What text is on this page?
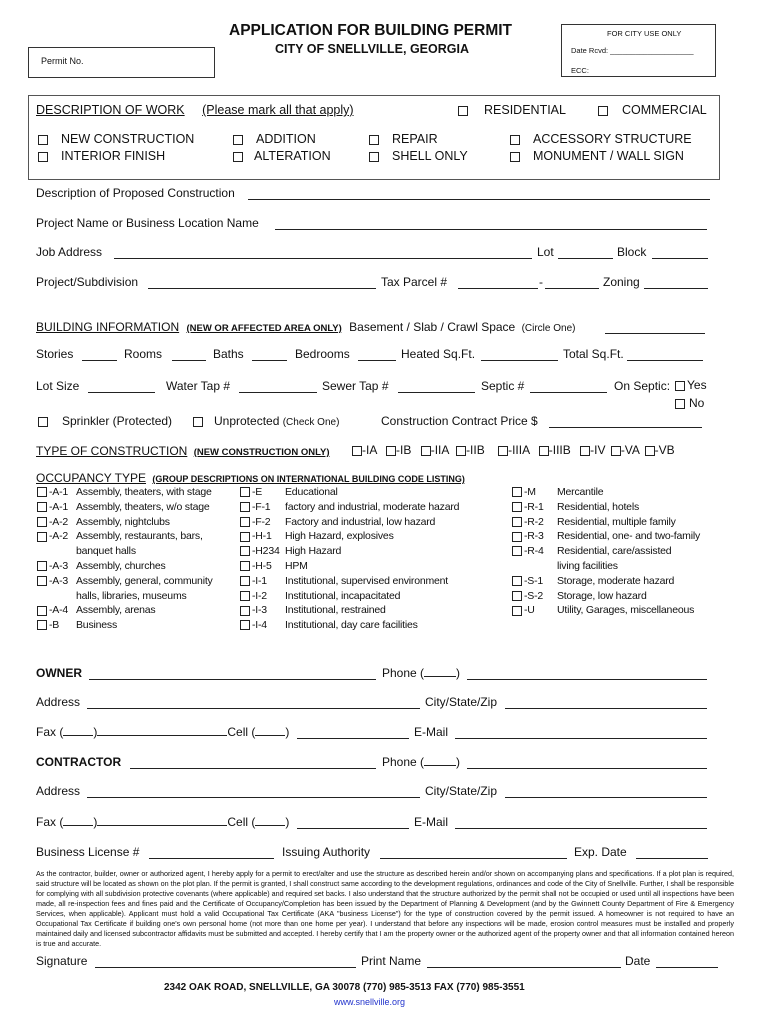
APPLICATION FOR BUILDING PERMIT
CITY OF SNELLVILLE, GEORGIA
Permit No.
FOR CITY USE ONLY
Date Rcvd: ____________________
ECC:
DESCRIPTION OF WORK (Please mark all that apply)	RESIDENTIAL	COMMERCIAL
NEW CONSTRUCTION
INTERIOR FINISH
ADDITION
ALTERATION
REPAIR
SHELL ONLY
ACCESSORY STRUCTURE
MONUMENT / WALL SIGN
Description of Proposed Construction
Project Name or Business Location Name
Job Address	Lot	Block
Project/Subdivision	Tax Parcel #	-	Zoning
BUILDING INFORMATION (NEW OR AFFECTED AREA ONLY) Basement / Slab / Crawl Space (Circle One)
Stories	Rooms	Baths	Bedrooms	Heated Sq.Ft.	Total Sq.Ft.
Lot Size	Water Tap #	Sewer Tap #	Septic #	On Septic:	Yes
No
Sprinkler (Protected)	Unprotected (Check One)	Construction Contract Price $
TYPE OF CONSTRUCTION (NEW CONSTRUCTION ONLY)	-IA -IB -IIA -IIB -IIIA -IIIB -IV -VA -VB
OCCUPANCY TYPE (GROUP DESCRIPTIONS ON INTERNATIONAL BUILDING CODE LISTING)
-A-1 Assembly, theaters, with stage
-A-1 Assembly, theaters, w/o stage
-A-2 Assembly, nightclubs
-A-2 Assembly, restaurants, bars,
banquet halls
-A-3 Assembly, churches
-A-3 Assembly, general, community
halls, libraries, museums
-A-4 Assembly, arenas
-B Business
-E Educational
-F-1 factory and industrial, moderate hazard
-F-2 Factory and industrial, low hazard
-H-1 High Hazard, explosives
-H234 High Hazard
-H-5 HPM
-I-1 Institutional, supervised environment
-I-2 Institutional, incapacitated
-I-3 Institutional, restrained
-I-4 Institutional, day care facilities
-M Mercantile
-R-1 Residential, hotels
-R-2 Residential, multiple family
-R-3 Residential, one- and two-family
-R-4 Residential, care/assisted
living facilities
-S-1 Storage, moderate hazard
-S-2 Storage, low hazard
-U Utility, Garages, miscellaneous
OWNER	Phone (	)
Address	City/State/Zip
Fax (	)	Cell (	)	E-Mail
CONTRACTOR	Phone (	)
Address	City/State/Zip
Fax (	)	Cell (	)	E-Mail
Business License #	Issuing Authority	Exp. Date
As the contractor, builder, owner or authorized agent, I hereby apply for a permit to erect/alter and use the structure as described herein and/or shown on accompanying plans and specifications. If a plot plan is required, said structure will be located as shown on the plot plan. If the permit is granted, I shall construct same according to the development regulations, ordinances and code of the City of Snellville. Further, I shall be responsible for complying with all subdivision protective covenants (where applicable) and required set backs. I also understand that the structure authorized by the permit shall not be occupied or used until all inspections have been made, all re-inspection fees and fines paid and the Certificate of Occupancy/Completion has been issued by the Department of Planning & Development (and by the Gwinnett County Department of Fire & Emergency Services, when applicable). Applicant must hold a valid Occupational Tax Certificate (AKA "business License") for the type of construction covered by the permit issued. A homeowner is not required to have an Occupational Tax Certificate if building one's own personal home (not more than one home per year). I understand that before any inspections will be made, erosion control measures must be installed and properly maintained daily and licensed subcontractor affidavits must be submitted and accepted. I hereby certify that I am the property owner or the authorized agent of the property owner and that all information contained hereon is true and accurate.
Signature	Print Name	Date
2342 OAK ROAD, SNELLVILLE, GA 30078 (770) 985-3513 FAX (770) 985-3551
www.snellville.org
